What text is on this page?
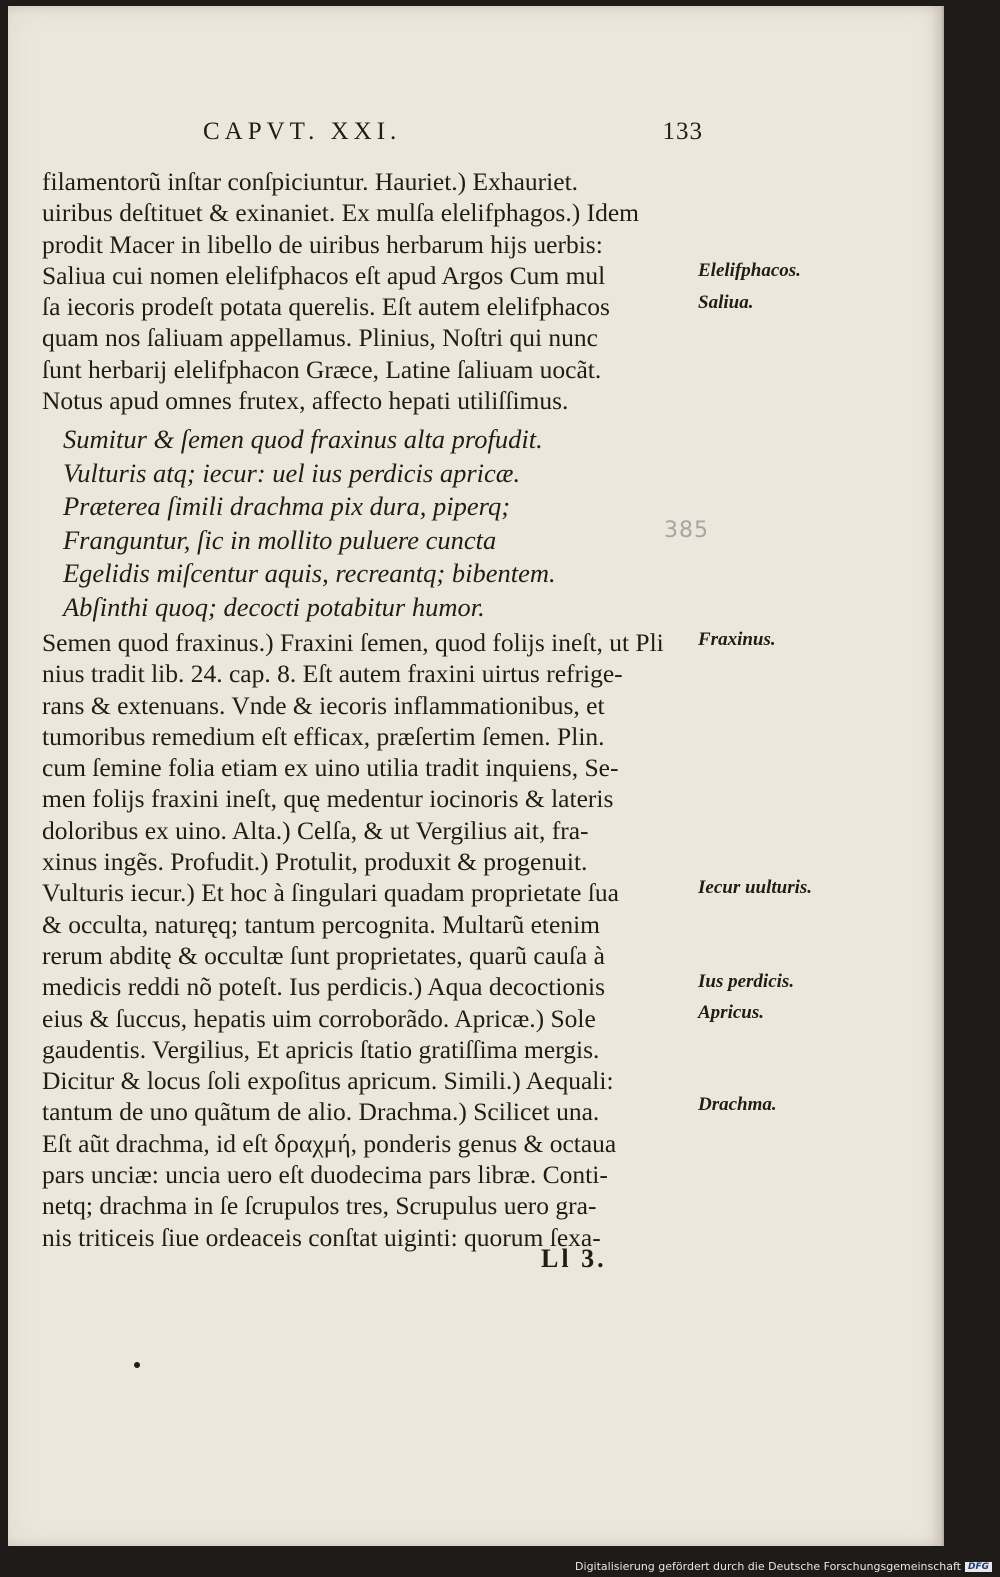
CAPVT. XXI.	133
filamentorũ inſtar conſpiciuntur. Hauriet.) Exhauriet.
uiribus deſtituet & exinaniet. Ex mulſa elelifphagos.) Idem
prodit Macer in libello de uiribus herbarum hĳs uerbis:
Saliua cui nomen elelifphacos eſt apud Argos Cum mul
ſa iecoris prodeſt potata querelis. Eſt autem elelifphacos
quam nos ſaliuam appellamus. Plinius, Noſtri qui nunc
ſunt herbarĳ elelifphacon Græce, Latine ſaliuam uocãt.
Notus apud omnes frutex, affecto hepati utiliſſimus.
Sumitur & ſemen quod fraxinus alta profudit.
Vulturis atq; iecur: uel ius perdicis apricæ.
Præterea ſimili drachma pix dura, piperq;
Franguntur, ſic in mollito puluere cuncta
Egelidis miſcentur aquis, recreantq; bibentem.
Abſinthi quoq; decocti potabitur humor.
385
Semen quod fraxinus.) Fraxini ſemen, quod folĳs ineſt, ut Pli
nius tradit lib. 24. cap. 8. Eſt autem fraxini uirtus refrige-
rans & extenuans. Vnde & iecoris inflammationibus, et
tumoribus remedium eſt efficax, præſertim ſemen. Plin.
cum ſemine folia etiam ex uino utilia tradit inquiens, Se-
men folĳs fraxini ineſt, quę medentur iocinoris & lateris
doloribus ex uino. Alta.) Celſa, & ut Vergilius ait, fra-
xinus ingẽs. Profudit.) Protulit, produxit & progenuit.
Vulturis iecur.) Et hoc à ſingulari quadam proprietate ſua
& occulta, naturęq; tantum percognita. Multarũ etenim
rerum abditę & occultæ ſunt proprietates, quarũ cauſa à
medicis reddi nõ poteſt. Ius perdicis.) Aqua decoctionis
eius & ſuccus, hepatis uim corroborãdo. Apricæ.) Sole
gaudentis. Vergilius, Et apricis ſtatio gratiſſima mergis.
Dicitur & locus ſoli expoſitus apricum. Simili.) Aequali:
tantum de uno quãtum de alio. Drachma.) Scilicet una.
Eſt aũt drachma, id eſt δραχμή, ponderis genus & octaua
pars unciæ: uncia uero eſt duodecima pars libræ. Conti-
netq; drachma in ſe ſcrupulos tres, Scrupulus uero gra-
nis triticeis ſiue ordeaceis conſtat uiginti: quorum ſexa-
Elelifphacos.
Saliua.
Fraxinus.
Iecur uulturis.
Ius perdicis.
Apricus.
Drachma.
Ll 3.
Digitalisierung gefördert durch die Deutsche Forschungsgemeinschaft DFG
